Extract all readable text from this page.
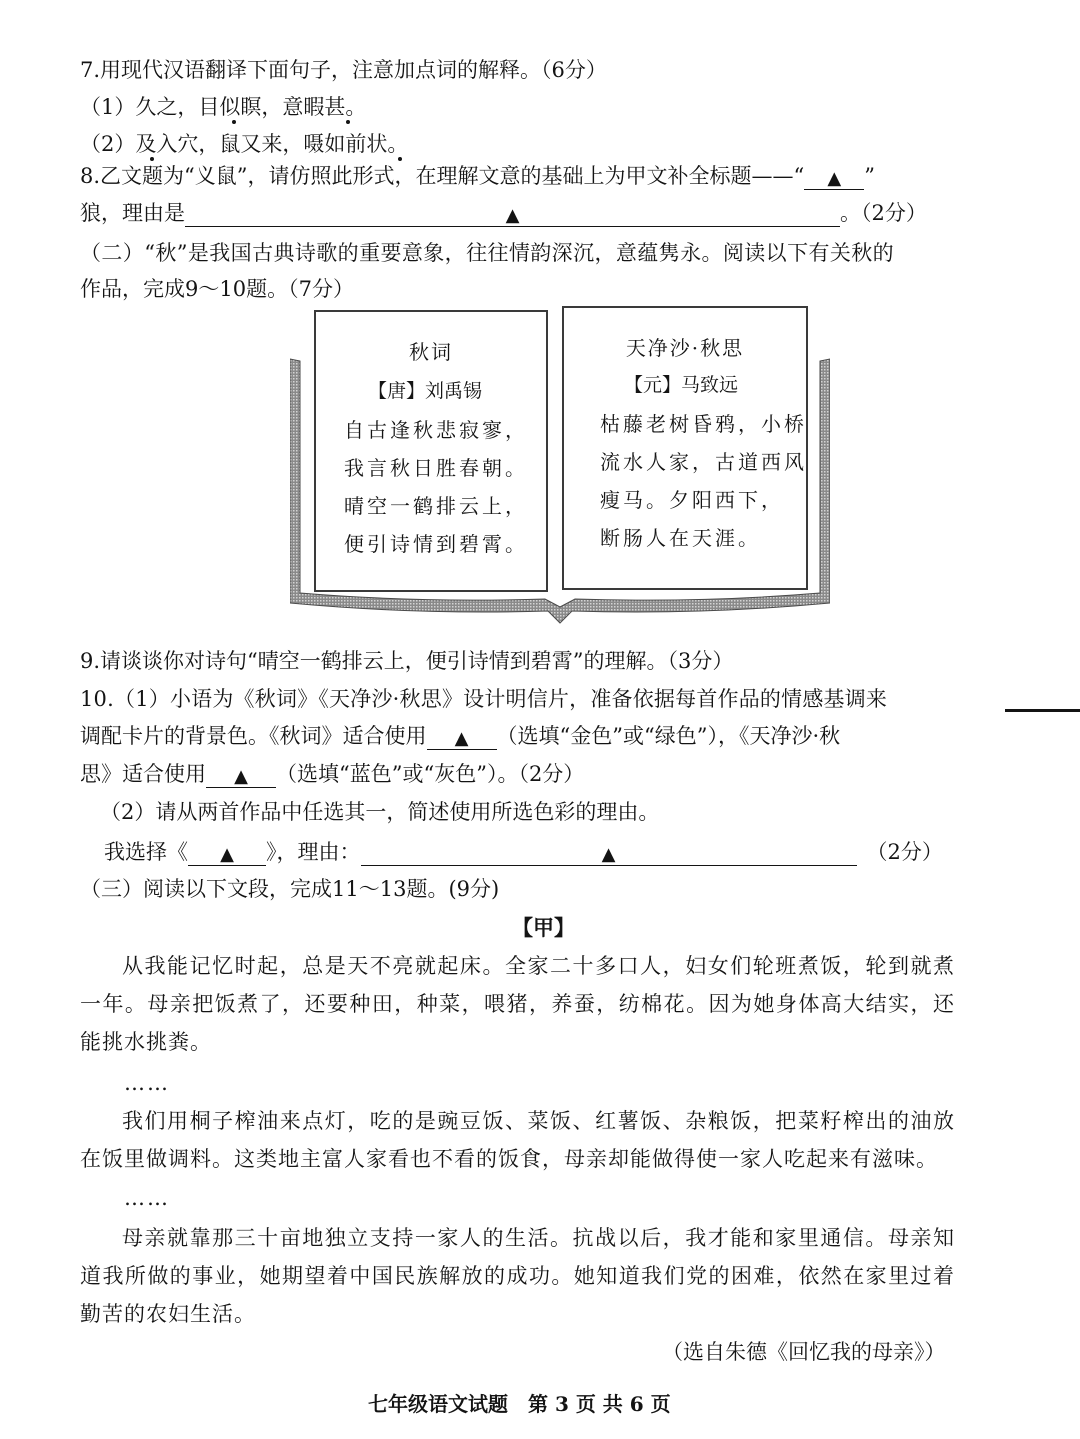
7.用现代汉语翻译下面句子，注意加点词的解释。（6分）
（1）久之，目似瞑，意暇甚。
（2）及入穴，鼠又来，嗫如前状。
8.乙文题为“义鼠”，请仿照此形式，在理解文意的基础上为甲文补全标题——“ ▲ ”
狼，理由是	▲	。（2分）
（二）“秋”是我国古典诗歌的重要意象，往往情韵深沉，意蕴隽永。阅读以下有关秋的
作品，完成9～10题。（7分）
秋词
【唐】刘禹锡
自古逢秋悲寂寥，
我言秋日胜春朝。
晴空一鹤排云上，
便引诗情到碧霄。
天净沙·秋思
【元】马致远
枯藤老树昏鸦，小桥
流水人家，古道西风
瘦马。夕阳西下，
断肠人在天涯。
9.请谈谈你对诗句“晴空一鹤排云上，便引诗情到碧霄”的理解。（3分）
10.（1）小语为《秋词》《天净沙·秋思》设计明信片，准备依据每首作品的情感基调来
调配卡片的背景色。《秋词》适合使用 ▲ （选填“金色”或“绿色”），《天净沙·秋
思》适合使用 ▲ （选填“蓝色”或“灰色”）。（2分）
（2）请从两首作品中任选其一，简述使用所选色彩的理由。
我选择《 ▲ 》，理由：	▲	（2分）
（三）阅读以下文段，完成11～13题。(9分)
【甲】
从我能记忆时起，总是天不亮就起床。全家二十多口人，妇女们轮班煮饭，轮到就煮一年。母亲把饭煮了，还要种田，种菜，喂猪，养蚕，纺棉花。因为她身体高大结实，还能挑水挑粪。
……
我们用桐子榨油来点灯，吃的是豌豆饭、菜饭、红薯饭、杂粮饭，把菜籽榨出的油放在饭里做调料。这类地主富人家看也不看的饭食，母亲却能做得使一家人吃起来有滋味。
……
母亲就靠那三十亩地独立支持一家人的生活。抗战以后，我才能和家里通信。母亲知道我所做的事业，她期望着中国民族解放的成功。她知道我们党的困难，依然在家里过着勤苦的农妇生活。
（选自朱德《回忆我的母亲》）
七年级语文试题　第 3 页 共 6 页
